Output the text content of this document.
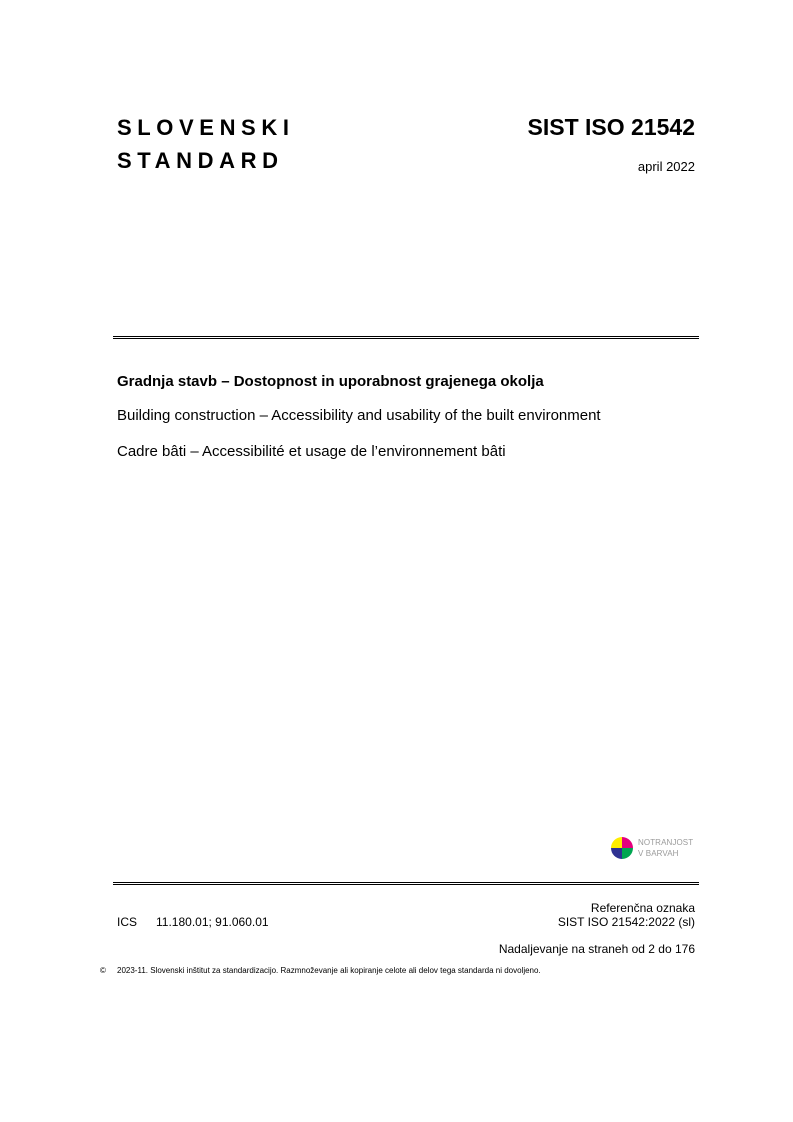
SLOVENSKI
STANDARD
SIST ISO 21542
april 2022
Gradnja stavb – Dostopnost in uporabnost grajenega okolja
Building construction – Accessibility and usability of the built environment
Cadre bâti – Accessibilité et usage de l’environnement bâti
NOTRANJOST
V BARVAH
Referenčna oznaka
SIST ISO 21542:2022 (sl)
ICS 11.180.01; 91.060.01
Nadaljevanje na straneh od 2 do 176
© 2023-11. Slovenski inštitut za standardizacijo. Razmnoževanje ali kopiranje celote ali delov tega standarda ni dovoljeno.
